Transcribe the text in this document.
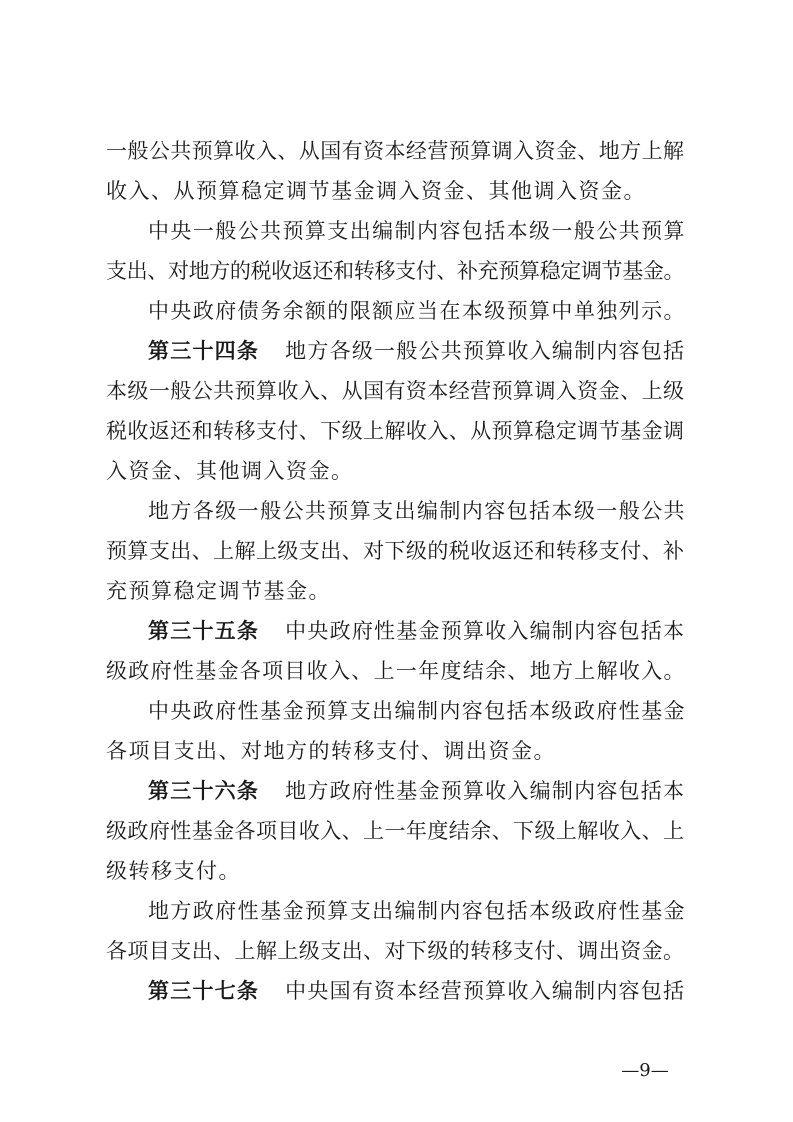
一般公共预算收入、从国有资本经营预算调入资金、地方上解
收入、从预算稳定调节基金调入资金、其他调入资金。
中央一般公共预算支出编制内容包括本级一般公共预算
支出、对地方的税收返还和转移支付、补充预算稳定调节基金。
中央政府债务余额的限额应当在本级预算中单独列示。
第三十四条 地方各级一般公共预算收入编制内容包括
本级一般公共预算收入、从国有资本经营预算调入资金、上级
税收返还和转移支付、下级上解收入、从预算稳定调节基金调
入资金、其他调入资金。
地方各级一般公共预算支出编制内容包括本级一般公共
预算支出、上解上级支出、对下级的税收返还和转移支付、补
充预算稳定调节基金。
第三十五条 中央政府性基金预算收入编制内容包括本
级政府性基金各项目收入、上一年度结余、地方上解收入。
中央政府性基金预算支出编制内容包括本级政府性基金
各项目支出、对地方的转移支付、调出资金。
第三十六条 地方政府性基金预算收入编制内容包括本
级政府性基金各项目收入、上一年度结余、下级上解收入、上
级转移支付。
地方政府性基金预算支出编制内容包括本级政府性基金
各项目支出、上解上级支出、对下级的转移支付、调出资金。
第三十七条 中央国有资本经营预算收入编制内容包括
—9—
